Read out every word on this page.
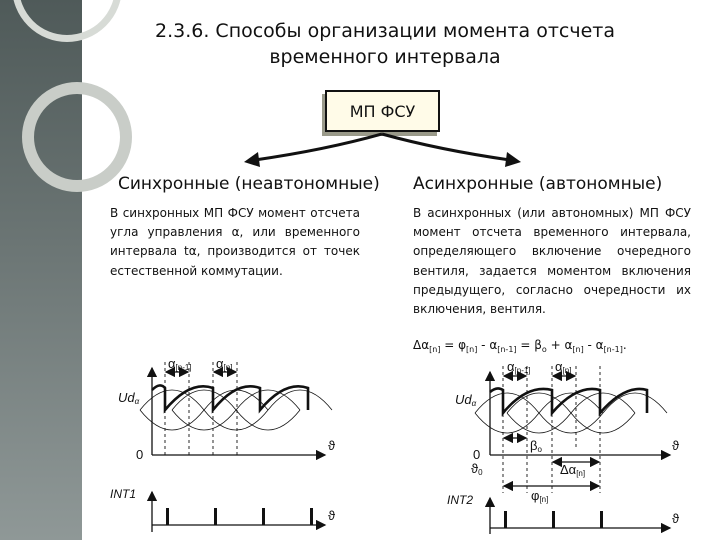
2.3.6. Способы организации момента отсчета
временного интервала
МП ФСУ
Синхронные (неавтономные) Асинхронные (автономные)
В синхронных МП ФСУ момент отсчета угла управления α, или временного интервала tα, производится от точек естественной коммутации.
В асинхронных (или автономных) МП ФСУ момент отсчета временного интервала, определяющего включение очередного вентиля, задается моментом включения предыдущего, согласно очередности их включения, вентиля.
$\Delta\alpha_{[n]} = \varphi_{[n]} - \alpha_{[n-1]} = \beta_o + \alpha_{[n]} - \alpha_{[n-1]}$.
α[n-1] α[n]
Udα
0
ϑ
INT1
ϑ
α[n-1] α[n]
Udα
0
ϑ
βo
ϑ0	Δα[n]
φ[n]
INT2
ϑ
